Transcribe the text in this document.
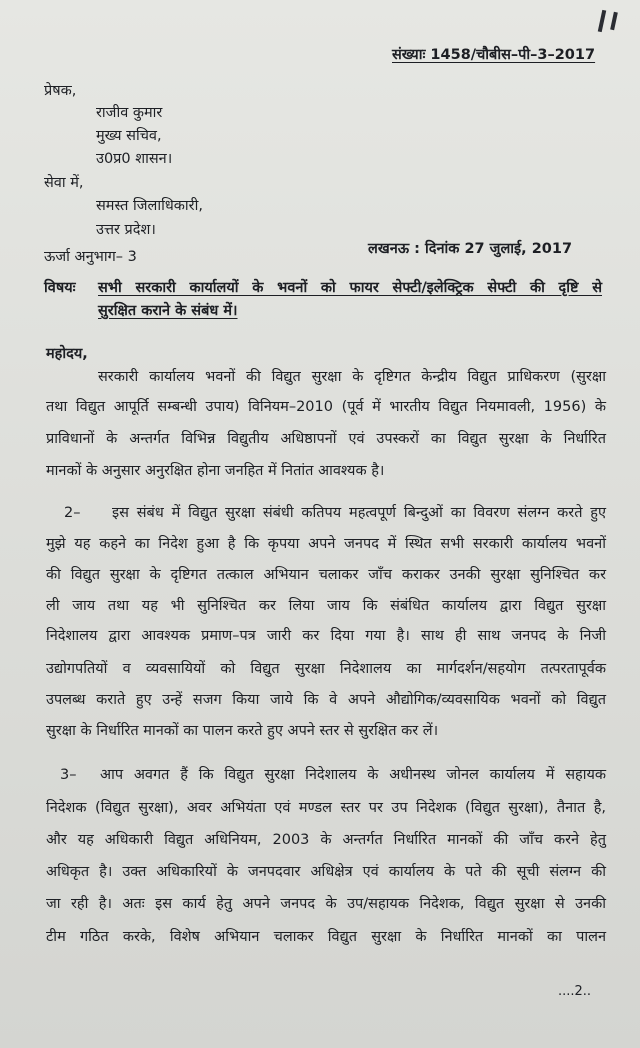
संख्याः 1458/चौबीस–पी–3–2017
प्रेषक,
राजीव कुमार
मुख्य सचिव,
उ0प्र0 शासन।
सेवा में,
समस्त जिलाधिकारी,
उत्तर प्रदेश।
ऊर्जा अनुभाग– 3	लखनऊ : दिनांक 27 जुलाई, 2017
विषयः सभी सरकारी कार्यालयों के भवनों को फायर सेफ्टी/इलेक्ट्रिक सेफ्टी की दृष्टि से
सुरक्षित कराने के संबंध में।
महोदय,
सरकारी कार्यालय भवनों की विद्युत सुरक्षा के दृष्टिगत केन्द्रीय विद्युत प्राधिकरण (सुरक्षा
तथा विद्युत आपूर्ति सम्बन्धी उपाय) विनियम–2010 (पूर्व में भारतीय विद्युत नियमावली, 1956) के
प्राविधानों के अन्तर्गत विभिन्न विद्युतीय अधिष्ठापनों एवं उपस्करों का विद्युत सुरक्षा के निर्धारित
मानकों के अनुसार अनुरक्षित होना जनहित में नितांत आवश्यक है।
2– इस संबंध में विद्युत सुरक्षा संबंधी कतिपय महत्वपूर्ण बिन्दुओं का विवरण संलग्न करते हुए
मुझे यह कहने का निदेश हुआ है कि कृपया अपने जनपद में स्थित सभी सरकारी कार्यालय भवनों
की विद्युत सुरक्षा के दृष्टिगत तत्काल अभियान चलाकर जाँच कराकर उनकी सुरक्षा सुनिश्चित कर
ली जाय तथा यह भी सुनिश्चित कर लिया जाय कि संबंधित कार्यालय द्वारा विद्युत सुरक्षा
निदेशालय द्वारा आवश्यक प्रमाण–पत्र जारी कर दिया गया है। साथ ही साथ जनपद के निजी
उद्योगपतियों व व्यवसायियों को विद्युत सुरक्षा निदेशालय का मार्गदर्शन/सहयोग तत्परतापूर्वक
उपलब्ध कराते हुए उन्हें सजग किया जाये कि वे अपने औद्योगिक/व्यवसायिक भवनों को विद्युत
सुरक्षा के निर्धारित मानकों का पालन करते हुए अपने स्तर से सुरक्षित कर लें।
3– आप अवगत हैं कि विद्युत सुरक्षा निदेशालय के अधीनस्थ जोनल कार्यालय में सहायक
निदेशक (विद्युत सुरक्षा), अवर अभियंता एवं मण्डल स्तर पर उप निदेशक (विद्युत सुरक्षा), तैनात है,
और यह अधिकारी विद्युत अधिनियम, 2003 के अन्तर्गत निर्धारित मानकों की जाँच करने हेतु
अधिकृत है। उक्त अधिकारियों के जनपदवार अधिक्षेत्र एवं कार्यालय के पते की सूची संलग्न की
जा रही है। अतः इस कार्य हेतु अपने जनपद के उप/सहायक निदेशक, विद्युत सुरक्षा से उनकी
टीम गठित करके, विशेष अभियान चलाकर विद्युत सुरक्षा के निर्धारित मानकों का पालन
....2..
